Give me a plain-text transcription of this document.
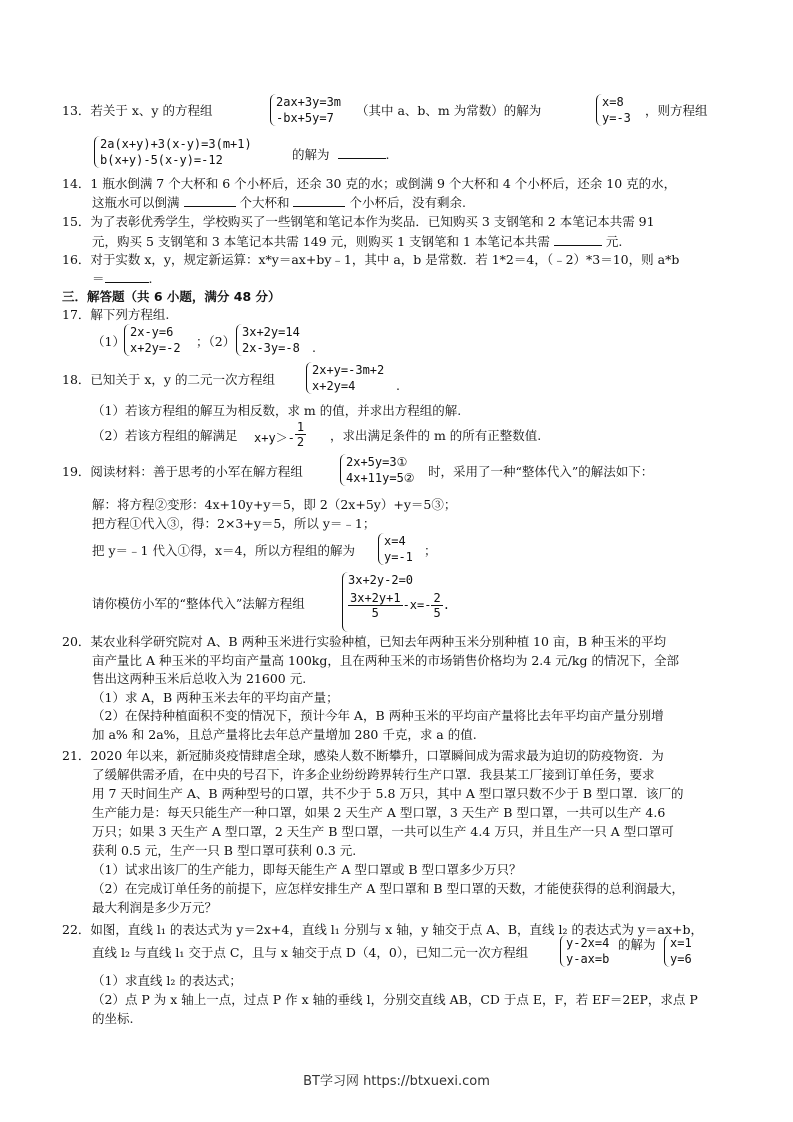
13．若关于 x、y 的方程组
2ax+3y=3m
-bx+5y=7	（其中 a、b、m 为常数）的解为
x=8
y=-3 ，则方程组
2a(x+y)+3(x-y)=3(m+1)
b(x+y)-5(x-y)=-12	的解为	.
14．1 瓶水倒满 7 个大杯和 6 个小杯后，还余 30 克的水；或倒满 9 个大杯和 4 个小杯后，还余 10 克的水，
这瓶水可以倒满	个大杯和	个小杯后，没有剩余.
15．为了表彰优秀学生，学校购买了一些钢笔和笔记本作为奖品．已知购买 3 支钢笔和 2 本笔记本共需 91
元，购买 5 支钢笔和 3 本笔记本共需 149 元，则购买 1 支钢笔和 1 本笔记本共需	元.
16．对于实数 x，y，规定新运算：x*y＝ax+by﹣1，其中 a，b 是常数．若 1*2＝4，（﹣2）*3＝10，则 a*b
＝	.
三．解答题（共 6 小题，满分 48 分）
17．解下列方程组.
（1）
2x-y=6
x+2y=-2 ；（2）
3x+2y=14
2x-3y=-8 .
18．已知关于 x，y 的二元一次方程组
2x+y=-3m+2
x+2y=4	.
（1）若该方程组的解互为相反数，求 m 的值，并求出方程组的解.
（2）若该方程组的解满足 $x+y>- \frac{1}{2}$ ，求出满足条件的 m 的所有正整数值.
19．阅读材料：善于思考的小军在解方程组
2x+5y=3①
4x+11y=5② 时，采用了一种“整体代入”的解法如下：
解：将方程②变形：4x+10y+y＝5，即 2（2x+5y）+y＝5③；
把方程①代入③，得：2×3+y＝5，所以 y＝﹣1；
把 y＝﹣1 代入①得，x＝4，所以方程组的解为
x=4
y=-1 ；
请你模仿小军的“整体代入”法解方程组
3x+2y-2=0
$\frac{3x+2y+1}{5} -x=- \frac{2}{5}$ .
20．某农业科学研究院对 A、B 两种玉米进行实验种植，已知去年两种玉米分别种植 10 亩，B 种玉米的平均
亩产量比 A 种玉米的平均亩产量高 100kg，且在两种玉米的市场销售价格均为 2.4 元/kg 的情况下，全部
售出这两种玉米后总收入为 21600 元.
（1）求 A，B 两种玉米去年的平均亩产量；
（2）在保持种植面积不变的情况下，预计今年 A，B 两种玉米的平均亩产量将比去年平均亩产量分别增
加 a% 和 2a%，且总产量将比去年总产量增加 280 千克，求 a 的值.
21．2020 年以来，新冠肺炎疫情肆虐全球，感染人数不断攀升，口罩瞬间成为需求最为迫切的防疫物资．为
了缓解供需矛盾，在中央的号召下，许多企业纷纷跨界转行生产口罩．我县某工厂接到订单任务，要求
用 7 天时间生产 A、B 两种型号的口罩，共不少于 5.8 万只，其中 A 型口罩只数不少于 B 型口罩．该厂的
生产能力是：每天只能生产一种口罩，如果 2 天生产 A 型口罩，3 天生产 B 型口罩，一共可以生产 4.6
万只；如果 3 天生产 A 型口罩，2 天生产 B 型口罩，一共可以生产 4.4 万只，并且生产一只 A 型口罩可
获利 0.5 元，生产一只 B 型口罩可获利 0.3 元.
（1）试求出该厂的生产能力，即每天能生产 A 型口罩或 B 型口罩多少万只？
（2）在完成订单任务的前提下，应怎样安排生产 A 型口罩和 B 型口罩的天数，才能使获得的总利润最大，
最大利润是多少万元？
22．如图，直线 l₁ 的表达式为 y＝2x+4，直线 l₁ 分别与 x 轴，y 轴交于点 A、B，直线 l₂ 的表达式为 y＝ax+b，
直线 l₂ 与直线 l₁ 交于点 C，且与 x 轴交于点 D（4，0），已知二元一次方程组
y-2x=4
y-ax=b
的解为 x=1
y=6
（1）求直线 l₂ 的表达式；
（2）点 P 为 x 轴上一点，过点 P 作 x 轴的垂线 l，分别交直线 AB，CD 于点 E，F，若 EF＝2EP，求点 P
的坐标.
BT学习网 https://btxuexi.com
